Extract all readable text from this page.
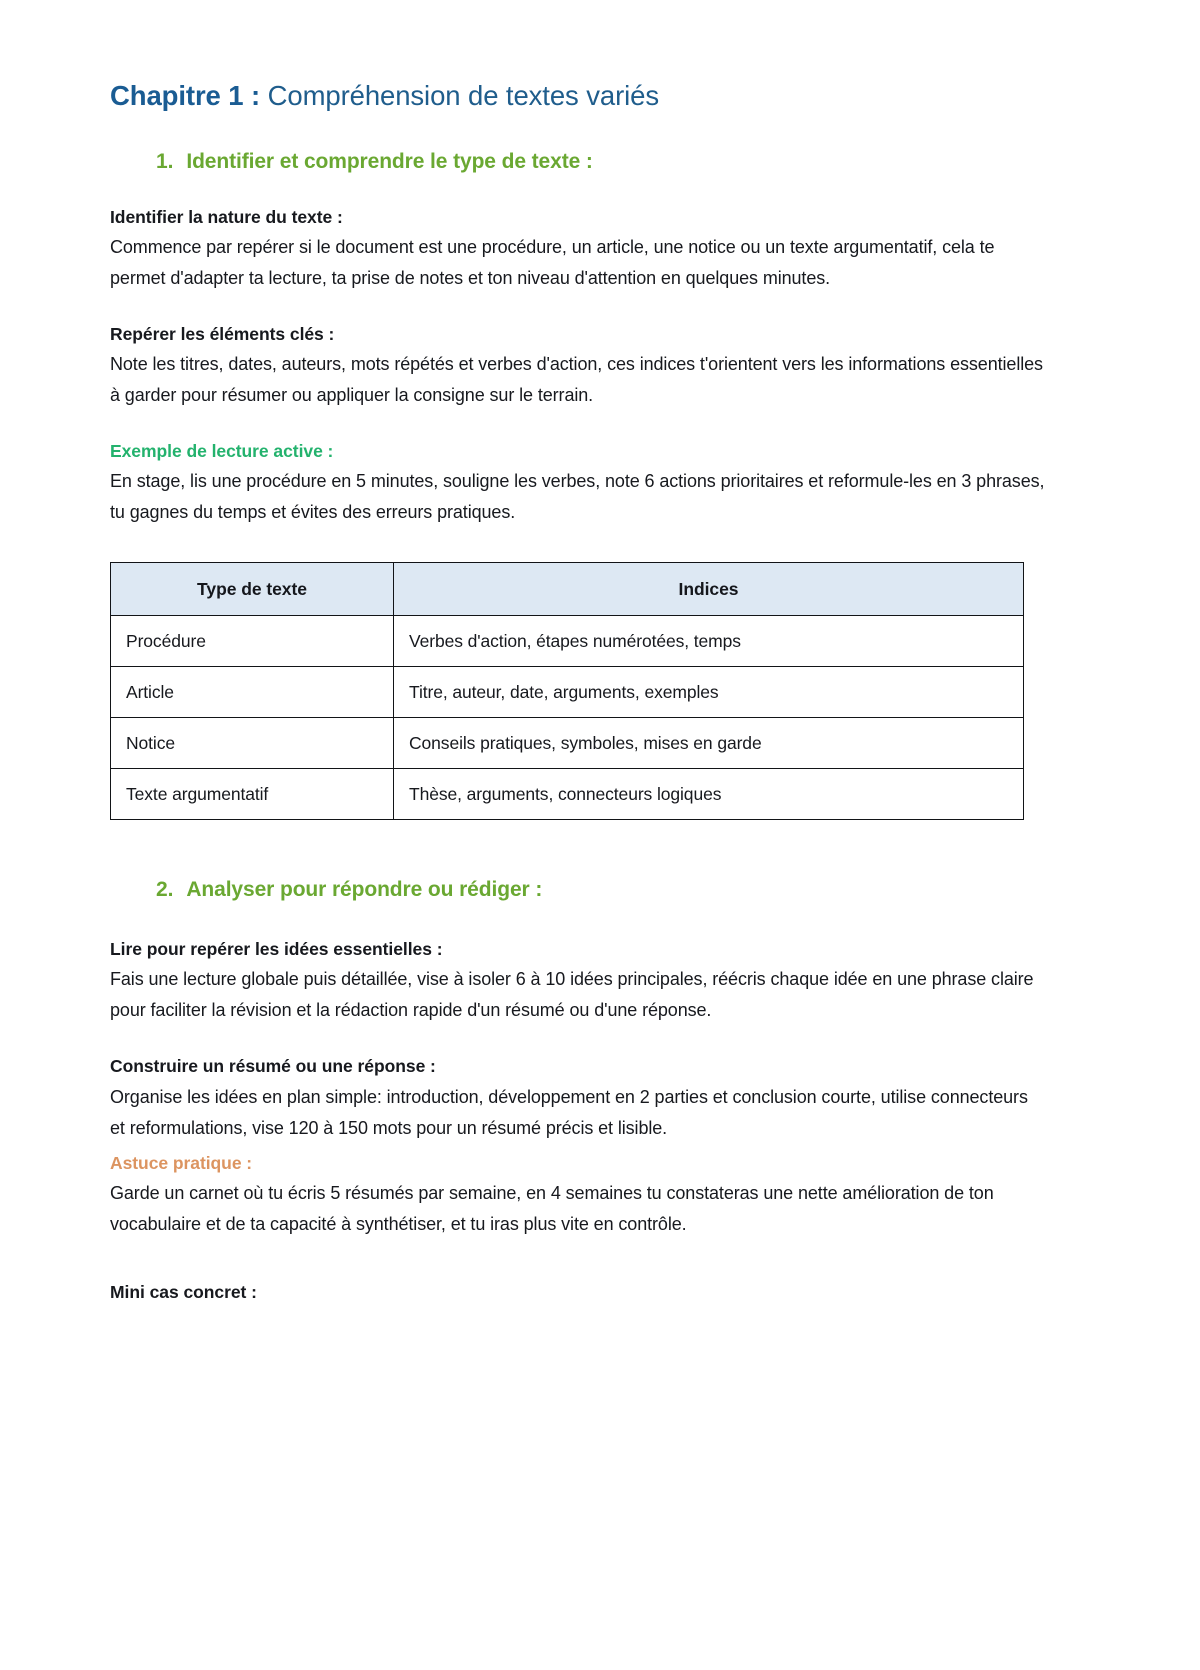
Chapitre 1 : Compréhension de textes variés
1. Identifier et comprendre le type de texte :

Identifier la nature du texte :

Commence par repérer si le document est une procédure, un article, une notice ou un texte argumentatif, cela te permet d'adapter ta lecture, ta prise de notes et ton niveau d'attention en quelques minutes.

Repérer les éléments clés :

Note les titres, dates, auteurs, mots répétés et verbes d'action, ces indices t'orientent vers les informations essentielles à garder pour résumer ou appliquer la consigne sur le terrain.

Exemple de lecture active :

En stage, lis une procédure en 5 minutes, souligne les verbes, note 6 actions prioritaires et reformule-les en 3 phrases, tu gagnes du temps et évites des erreurs pratiques.

Type de texte	Indices
Procédure	Verbes d'action, étapes numérotées, temps
Article	Titre, auteur, date, arguments, exemples
Notice	Conseils pratiques, symboles, mises en garde
Texte argumentatif	Thèse, arguments, connecteurs logiques
2. Analyser pour répondre ou rédiger :

Lire pour repérer les idées essentielles :

Fais une lecture globale puis détaillée, vise à isoler 6 à 10 idées principales, réécris chaque idée en une phrase claire pour faciliter la révision et la rédaction rapide d'un résumé ou d'une réponse.

Construire un résumé ou une réponse :

Organise les idées en plan simple: introduction, développement en 2 parties et conclusion courte, utilise connecteurs et reformulations, vise 120 à 150 mots pour un résumé précis et lisible.

Astuce pratique :

Garde un carnet où tu écris 5 résumés par semaine, en 4 semaines tu constateras une nette amélioration de ton vocabulaire et de ta capacité à synthétiser, et tu iras plus vite en contrôle.

Mini cas concret :
